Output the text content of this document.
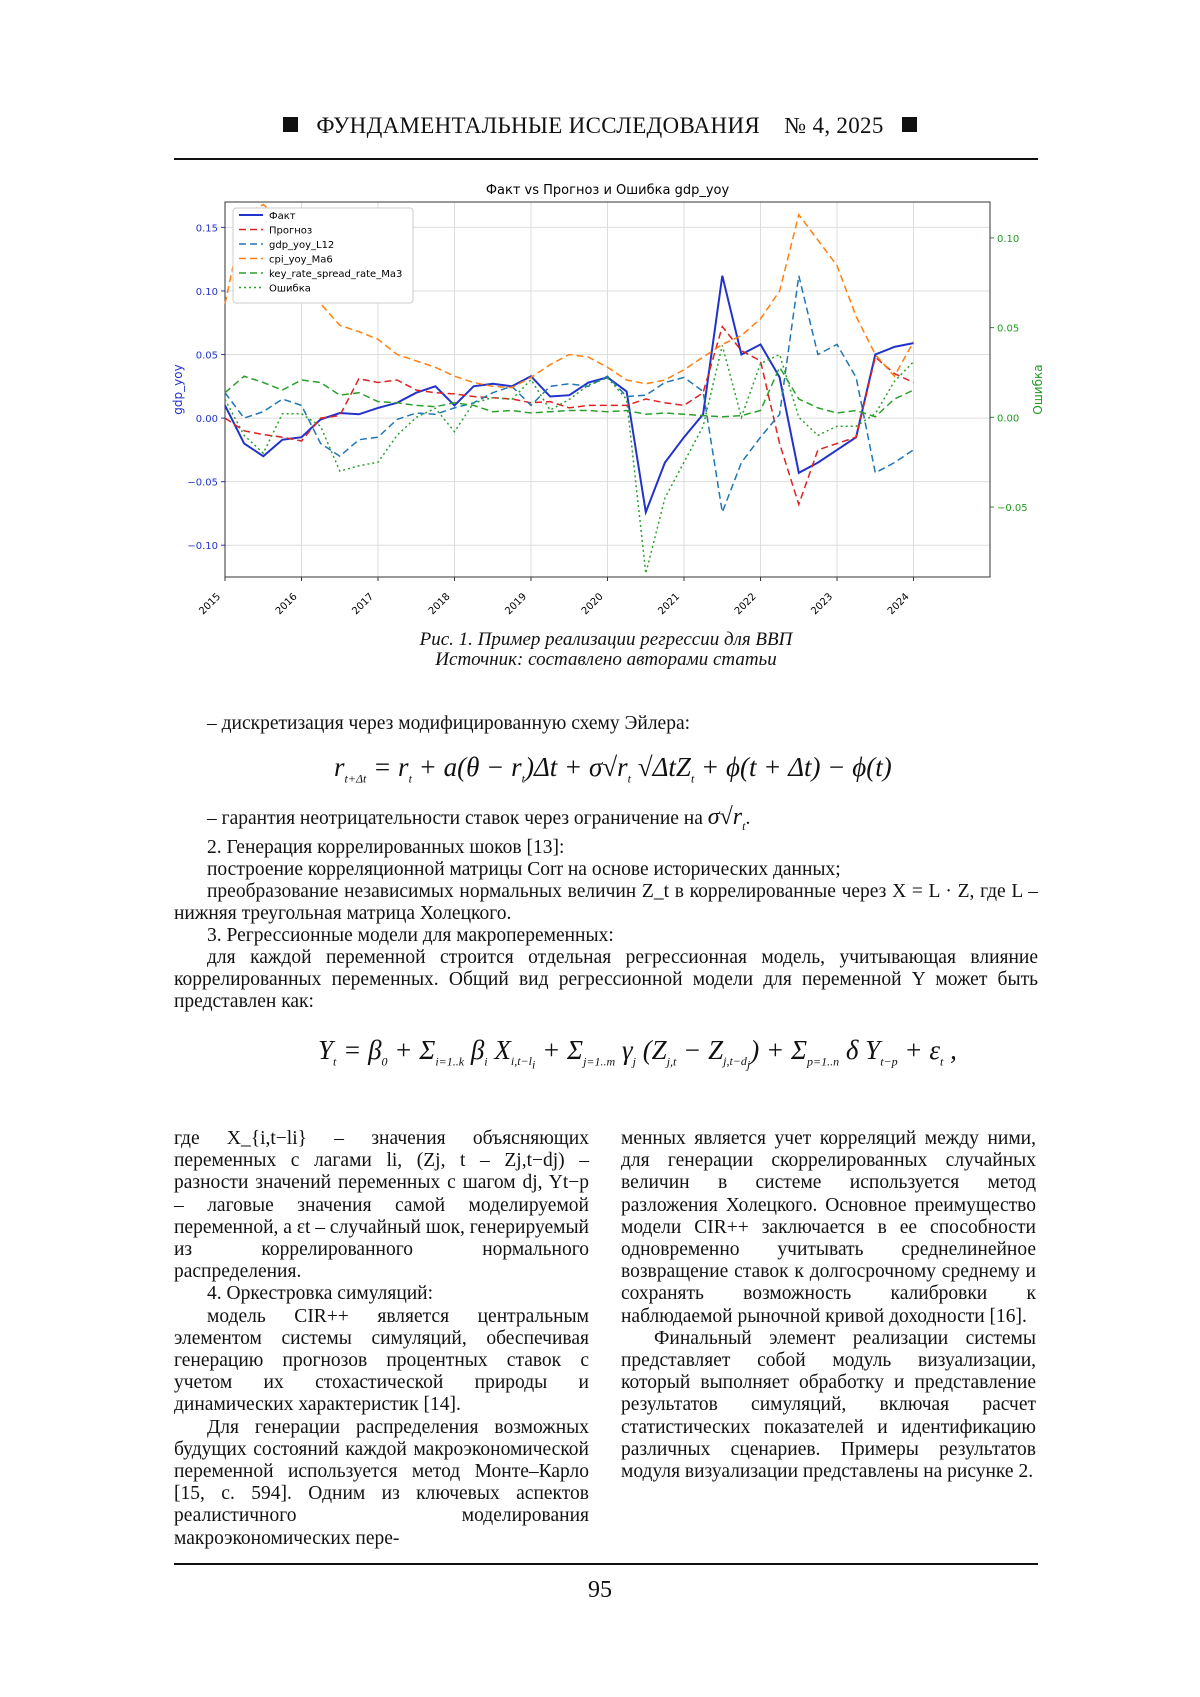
ФУНДАМЕНТАЛЬНЫЕ ИССЛЕДОВАНИЯ № 4, 2025
Факт vs Прогноз и Ошибка gdp_yoy
2015	2016	2017	2018	2019	2020	2021	2022	2023	2024
0.15
0.10
0.05
0.00
−0.05
−0.10
0.10
0.05
0.00
−0.05
gdp_yoy	Ошибка
Факт
Прогноз
gdp_yoy_L12
cpi_yoy_Ma6
key_rate_spread_rate_Ma3
Ошибка
Рис. 1. Пример реализации регрессии для ВВП
Источник: составлено авторами статьи

– дискретизация через модифицированную схему Эйлера:

$r_{t+\Delta t} = r_t + a(\theta - r_t)\Delta t + \sigma√r_t$ √ΔtZ$_t$ + ϕ(t + Δt) − ϕ(t)

– гарантия неотрицательности ставок через ограничение на $\sigma√r_t$.

2. Генерация коррелированных шоков [13]:

построение корреляционной матрицы Corr на основе исторических данных;

преобразование независимых нормальных величин Z_t в коррелированные через X = L · Z, где L – нижняя треугольная матрица Холецкого.

3. Регрессионные модели для макропеременных:

для каждой переменной строится отдельная регрессионная модель, учитывающая влияние коррелированных переменных. Общий вид регрессионной модели для переменной Y может быть представлен как:

$Y_t = \beta_0 + \Sigma_{i=1..k}$ $\beta_i$ $X_{i,t-l_i} + \Sigma_{j=1..m}$ $\gamma_j$ $(Z_{j,t} - Z_{j,t-d_j}) + \Sigma_{p=1..n}$ δ $Y_{t-p} + \varepsilon_t$ ,

где X_{i,t−li} – значения объясняющих переменных с лагами li, (Zj, t – Zj,t−dj) – разности значений переменных с шагом dj, Yt−p – лаговые значения самой моделируемой переменной, а εt – случайный шок, генерируемый из коррелированного нормального распределения.

4. Оркестровка симуляций:

модель CIR++ является центральным элементом системы симуляций, обеспечивая генерацию прогнозов процентных ставок с учетом их стохастической природы и динамических характеристик [14].

Для генерации распределения возможных будущих состояний каждой макроэкономической переменной используется метод Монте–Карло [15, с. 594]. Одним из ключевых аспектов реалистичного моделирования макроэкономических пере-

менных является учет корреляций между ними, для генерации скоррелированных случайных величин в системе используется метод разложения Холецкого. Основное преимущество модели CIR++ заключается в ее способности одновременно учитывать среднелинейное возвращение ставок к долгосрочному среднему и сохранять возможность калибровки к наблюдаемой рыночной кривой доходности [16].

Финальный элемент реализации системы представляет собой модуль визуализации, который выполняет обработку и представление результатов симуляций, включая расчет статистических показателей и идентификацию различных сценариев. Примеры результатов модуля визуализации представлены на рисунке 2.

95
